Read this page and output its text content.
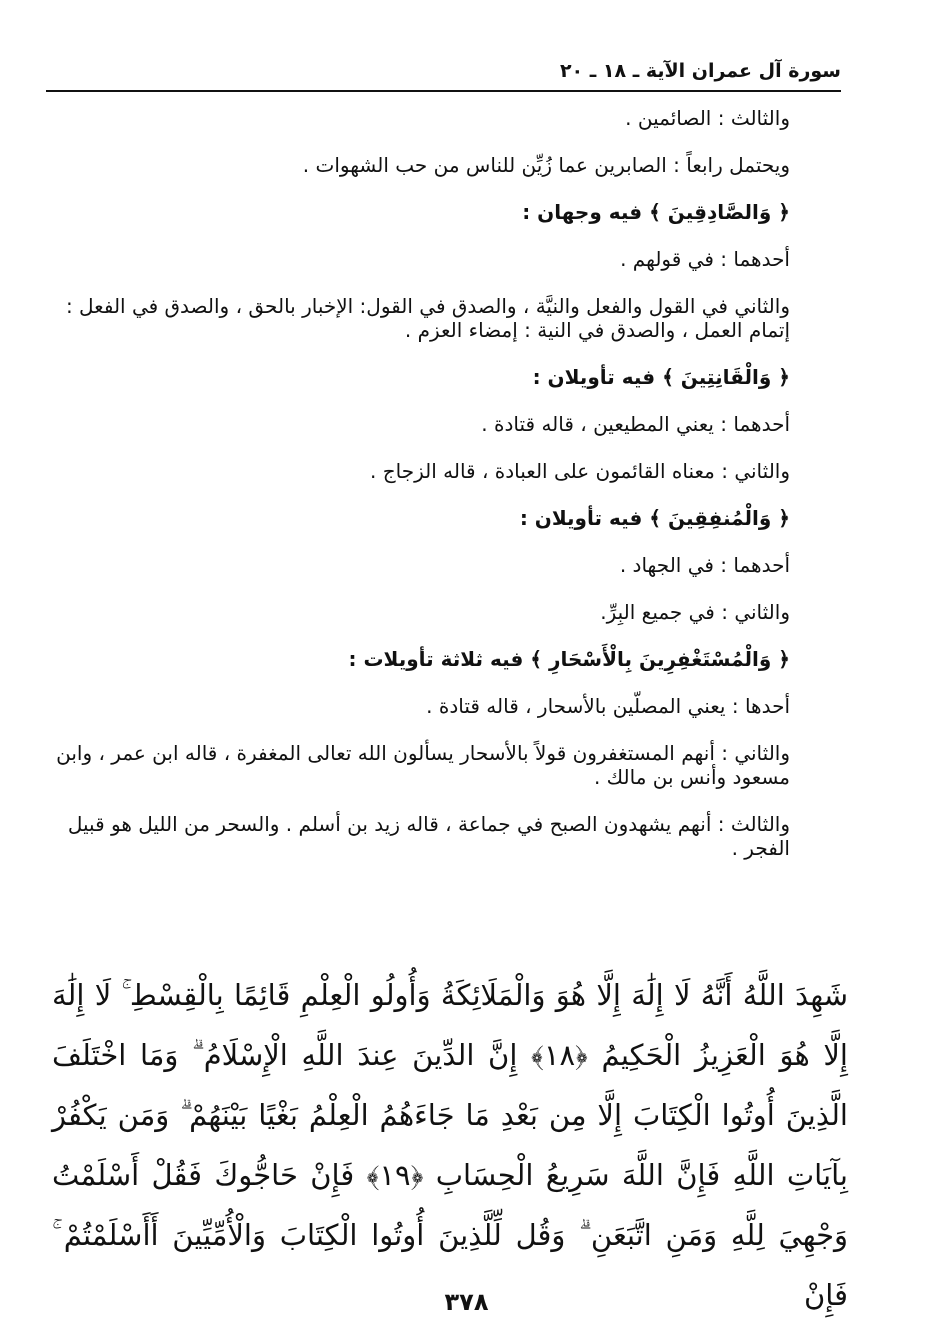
سورة آل عمران الآية ـ ١٨ ـ ٢٠

والثالث : الصائمين .

ويحتمل رابعاً : الصابرين عما زُيِّن للناس من حب الشهوات .

﴿ وَالصَّادِقِينَ ﴾ فيه وجهان :

أحدهما : في قولهم .

والثاني في القول والفعل والنيَّة ، والصدق في القول: الإخبار بالحق ، والصدق في الفعل : إتمام العمل ، والصدق في النية : إمضاء العزم .

﴿ وَالْقَانِتِينَ ﴾ فيه تأويلان :

أحدهما : يعني المطيعين ، قاله قتادة .

والثاني : معناه القائمون على العبادة ، قاله الزجاج .

﴿ وَالْمُنفِقِينَ ﴾ فيه تأويلان :

أحدهما : في الجهاد .

والثاني : في جميع البِرِّ.

﴿ وَالْمُسْتَغْفِرِينَ بِالْأَسْحَارِ ﴾ فيه ثلاثة تأويلات :

أحدها : يعني المصلّين بالأسحار ، قاله قتادة .

والثاني : أنهم المستغفرون قولاً بالأسحار يسألون الله تعالى المغفرة ، قاله ابن عمر ، وابن مسعود وأنس بن مالك .

والثالث : أنهم يشهدون الصبح في جماعة ، قاله زيد بن أسلم . والسحر من الليل هو قبيل الفجر .

شَهِدَ اللَّهُ أَنَّهُ لَا إِلَٰهَ إِلَّا هُوَ وَالْمَلَائِكَةُ وَأُولُو الْعِلْمِ قَائِمًا بِالْقِسْطِ ۚ لَا إِلَٰهَ إِلَّا هُوَ الْعَزِيزُ الْحَكِيمُ ﴿١٨﴾ إِنَّ الدِّينَ عِندَ اللَّهِ الْإِسْلَامُ ۗ وَمَا اخْتَلَفَ الَّذِينَ أُوتُوا الْكِتَابَ إِلَّا مِن بَعْدِ مَا جَاءَهُمُ الْعِلْمُ بَغْيًا بَيْنَهُمْ ۗ وَمَن يَكْفُرْ بِآيَاتِ اللَّهِ فَإِنَّ اللَّهَ سَرِيعُ الْحِسَابِ ﴿١٩﴾ فَإِنْ حَاجُّوكَ فَقُلْ أَسْلَمْتُ وَجْهِيَ لِلَّهِ وَمَنِ اتَّبَعَنِ ۗ وَقُل لِّلَّذِينَ أُوتُوا الْكِتَابَ وَالْأُمِّيِّينَ أَأَسْلَمْتُمْ ۚ فَإِنْ
٣٧٨
